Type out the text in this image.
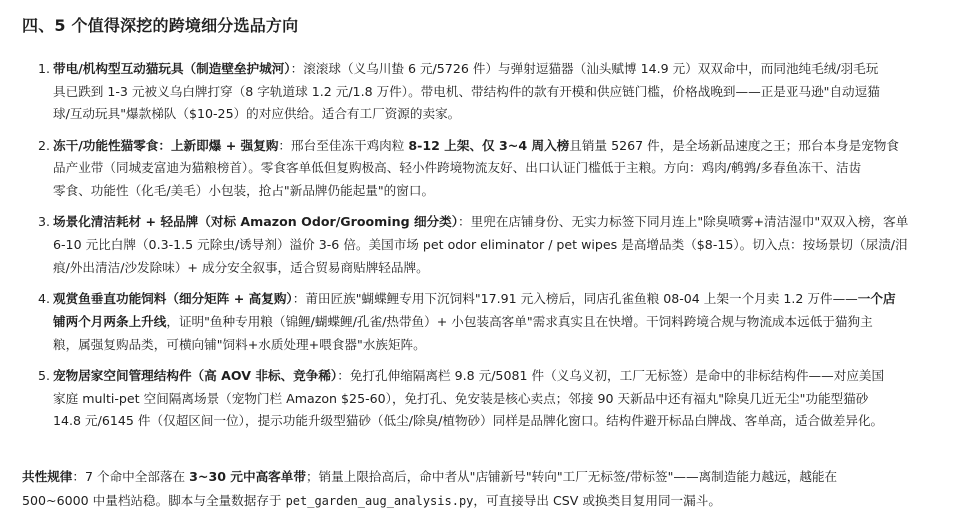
四、5 个值得深挖的跨境细分选品方向
1. 带电/机构型互动猫玩具（制造壁垒护城河）：滚滚球（义乌川蛰 6 元/5726 件）与弹射逗猫器（汕头赋博 14.9 元）双双命中，而同池纯毛绒/羽毛玩
具已跌到 1-3 元被义乌白牌打穿（8 字轨道球 1.2 元/1.8 万件）。带电机、带结构件的款有开模和供应链门槛，价格战晚到——正是亚马逊"自动逗猫
球/互动玩具"爆款梯队（$10-25）的对应供给。适合有工厂资源的卖家。
2. 冻干/功能性猫零食：上新即爆 + 强复购：邢台至佳冻干鸡肉粒 8-12 上架、仅 3~4 周入榜且销量 5267 件，是全场新品速度之王；邢台本身是宠物食
品产业带（同城麦富迪为猫粮榜首）。零食客单低但复购极高、轻小件跨境物流友好、出口认证门槛低于主粮。方向：鸡肉/鹌鹑/多春鱼冻干、洁齿
零食、功能性（化毛/美毛）小包装，抢占"新品牌仍能起量"的窗口。
3. 场景化清洁耗材 + 轻品牌（对标 Amazon Odor/Grooming 细分类）：里兜在店铺身份、无实力标签下同月连上"除臭喷雾+清洁湿巾"双双入榜，客单
6-10 元比白牌（0.3-1.5 元除虫/诱导剂）溢价 3-6 倍。美国市场 pet odor eliminator / pet wipes 是高增品类（$8-15）。切入点：按场景切（尿渍/泪
痕/外出清洁/沙发除味）+ 成分安全叙事，适合贸易商贴牌轻品牌。
4. 观赏鱼垂直功能饲料（细分矩阵 + 高复购）：莆田匠族"蝴蝶鲤专用下沉饲料"17.91 元入榜后，同店孔雀鱼粮 08-04 上架一个月卖 1.2 万件——一个店
铺两个月两条上升线，证明"鱼种专用粮（锦鲤/蝴蝶鲤/孔雀/热带鱼）+ 小包装高客单"需求真实且在快增。干饲料跨境合规与物流成本远低于猫狗主
粮，属强复购品类，可横向铺"饲料+水质处理+喂食器"水族矩阵。
5. 宠物居家空间管理结构件（高 AOV 非标、竞争稀）：免打孔伸缩隔离栏 9.8 元/5081 件（义乌义初，工厂无标签）是命中的非标结构件——对应美国
家庭 multi-pet 空间隔离场景（宠物门栏 Amazon $25-60），免打孔、免安装是核心卖点；邻接 90 天新品中还有福丸"除臭几近无尘"功能型猫砂
14.8 元/6145 件（仅超区间一位），提示功能升级型猫砂（低尘/除臭/植物砂）同样是品牌化窗口。结构件避开标品白牌战、客单高，适合做差异化。
共性规律：7 个命中全部落在 3~30 元中高客单带；销量上限拾高后，命中者从"店铺新号"转向"工厂无标签/带标签"——离制造能力越远，越能在
500~6000 中量档站稳。脚本与全量数据存于 pet_garden_aug_analysis.py，可直接导出 CSV 或换类目复用同一漏斗。
